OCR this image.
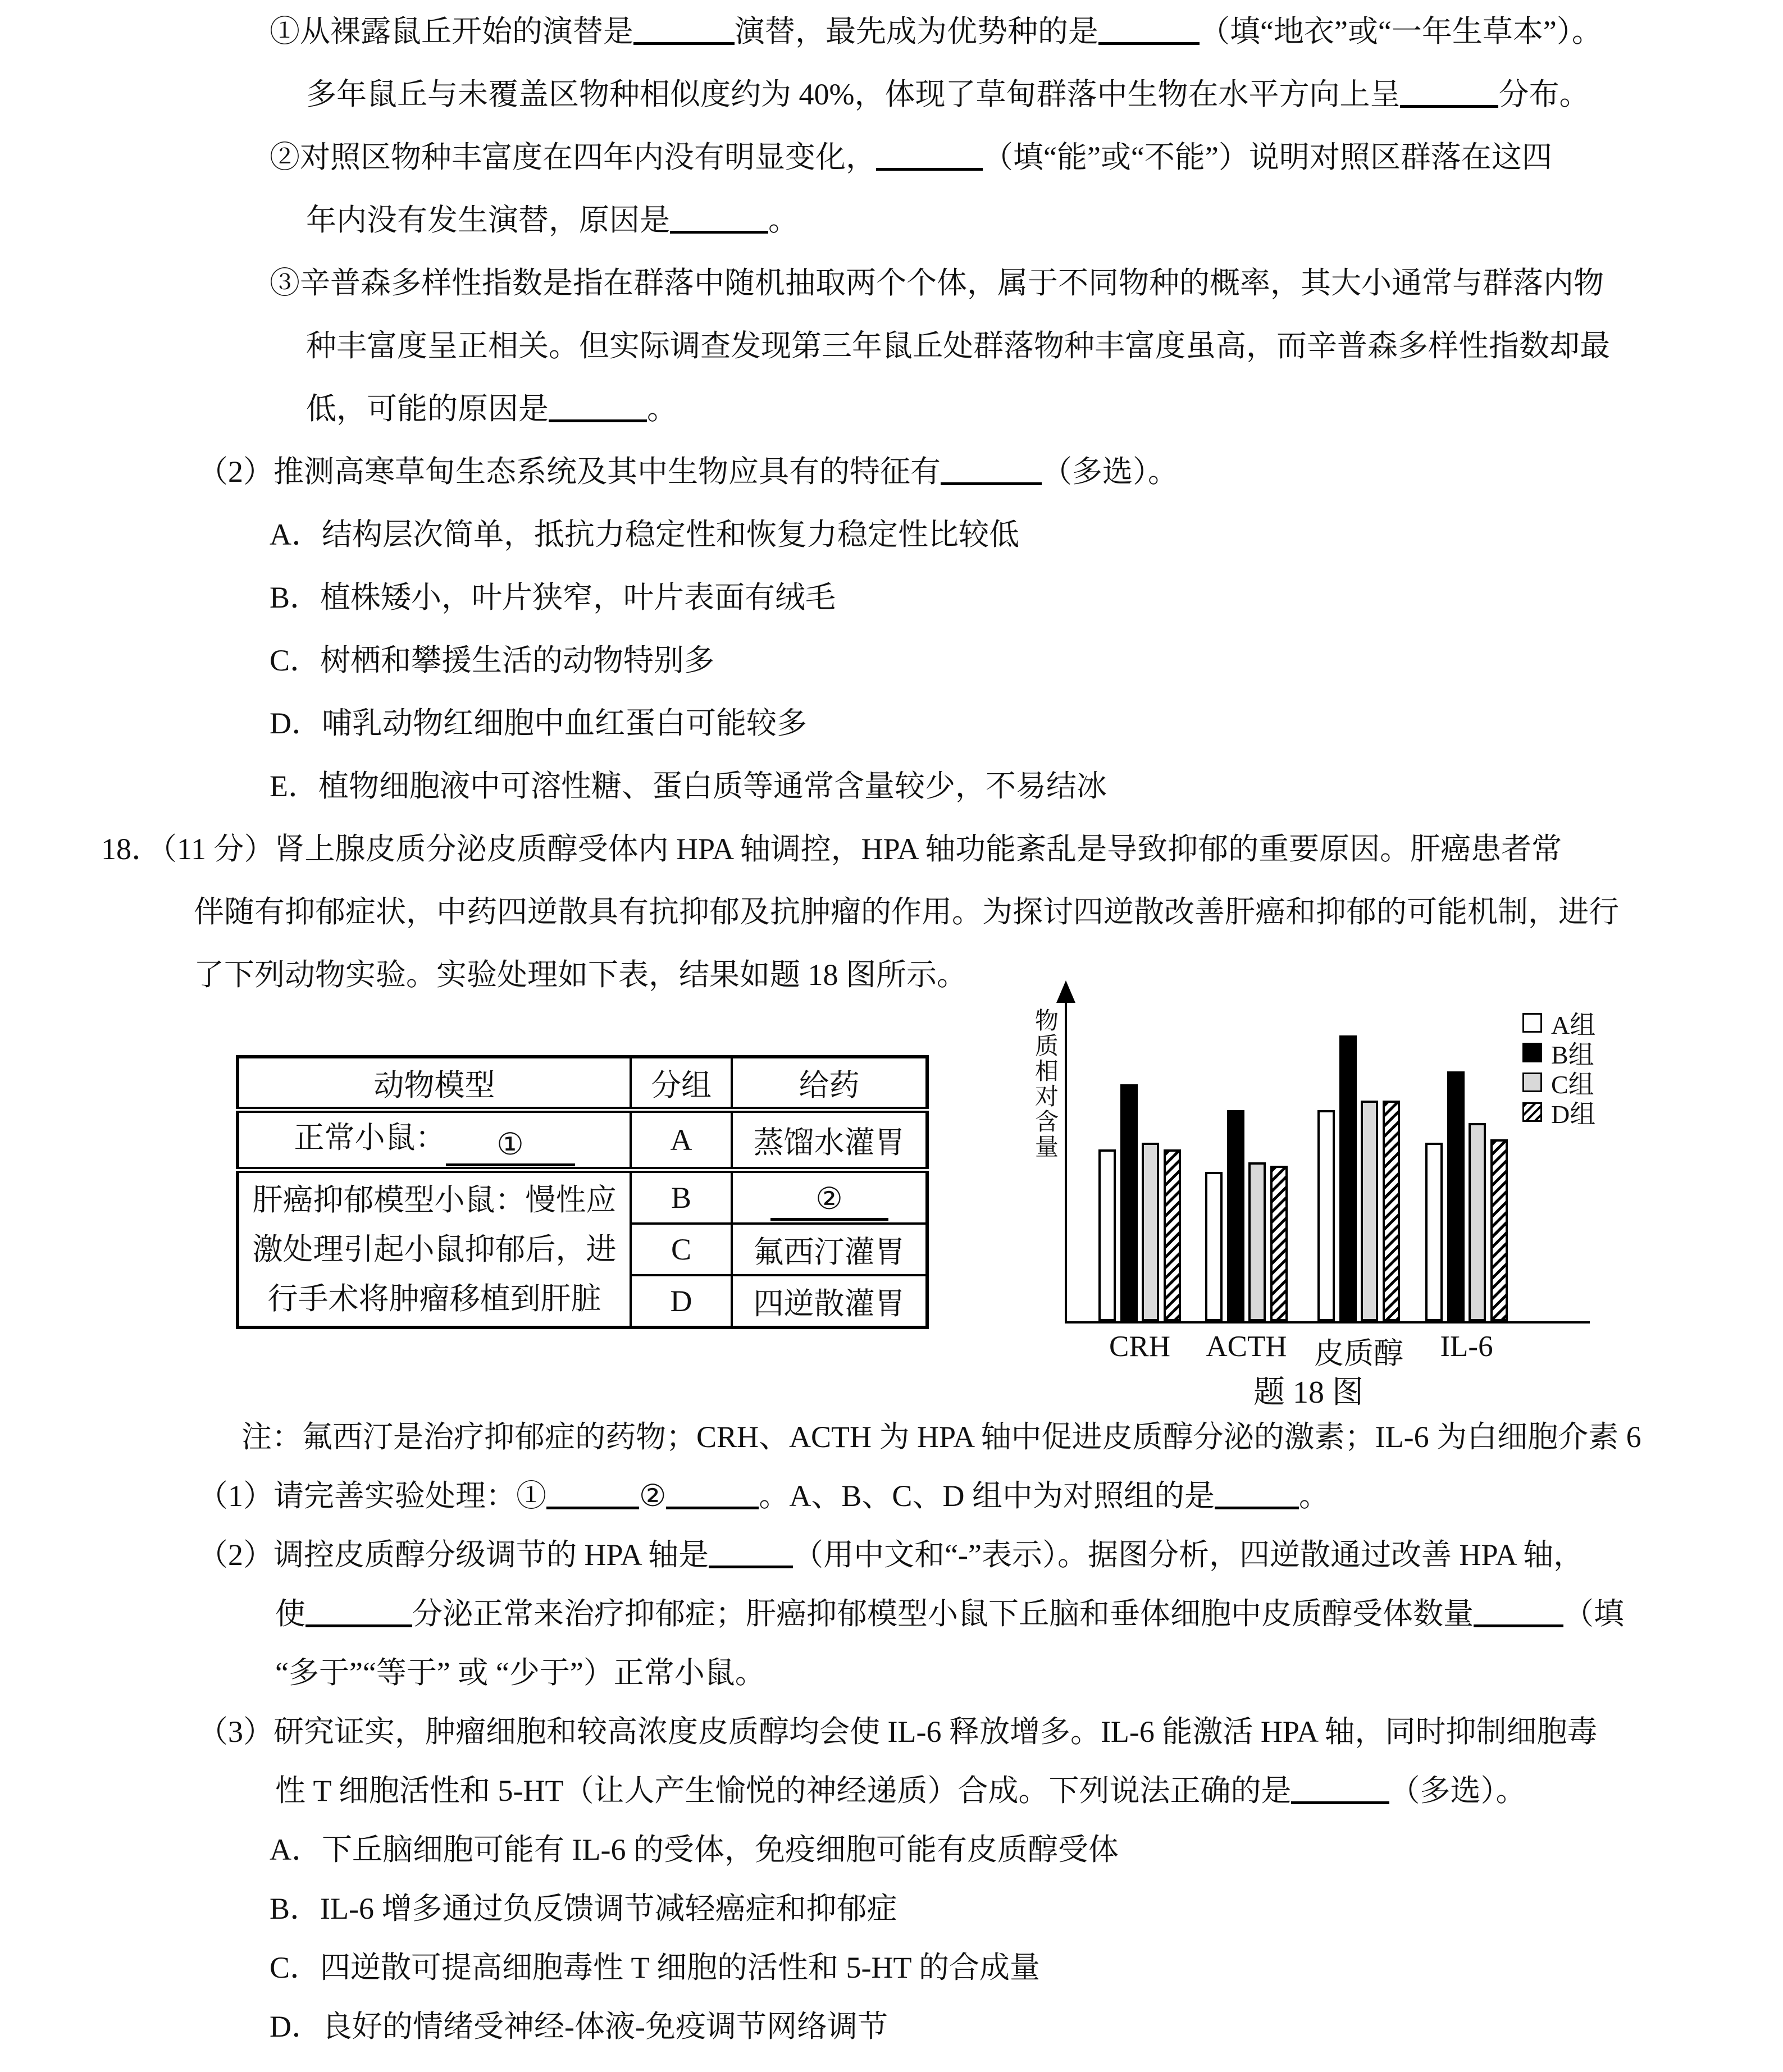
①从裸露鼠丘开始的演替是	演替，最先成为优势种的是	（填“地衣”或“一年生草本”）。
多年鼠丘与未覆盖区物种相似度约为 40%，体现了草甸群落中生物在水平方向上呈	分布。
②对照区物种丰富度在四年内没有明显变化，	（填“能”或“不能”）说明对照区群落在这四
年内没有发生演替，原因是	。
③辛普森多样性指数是指在群落中随机抽取两个个体，属于不同物种的概率，其大小通常与群落内物
种丰富度呈正相关。但实际调查发现第三年鼠丘处群落物种丰富度虽高，而辛普森多样性指数却最
低，可能的原因是	。
（2）推测高寒草甸生态系统及其中生物应具有的特征有	（多选）。
A．结构层次简单，抵抗力稳定性和恢复力稳定性比较低
B．植株矮小，叶片狭窄，叶片表面有绒毛
C．树栖和攀援生活的动物特别多
D．哺乳动物红细胞中血红蛋白可能较多
E．植物细胞液中可溶性糖、蛋白质等通常含量较少，不易结冰
18．（11 分）肾上腺皮质分泌皮质醇受体内 HPA 轴调控，HPA 轴功能紊乱是导致抑郁的重要原因。肝癌患者常
伴随有抑郁症状，中药四逆散具有抗抑郁及抗肿瘤的作用。为探讨四逆散改善肝癌和抑郁的可能机制，进行
了下列动物实验。实验处理如下表，结果如题 18 图所示。
动物模型	分组	给药
正常小鼠： ①	A	蒸馏水灌胃
肝癌抑郁模型小鼠：慢性应激处理引起小鼠抑郁后，进行手术将肿瘤移植到肝脏	B	②
	C	氟西汀灌胃
	D	四逆散灌胃
物质相对含量
CRH	ACTH 皮质醇	IL-6
A组
B组
C组
D组
题 18 图
注：氟西汀是治疗抑郁症的药物；CRH、ACTH 为 HPA 轴中促进皮质醇分泌的激素；IL-6 为白细胞介素 6
（1）请完善实验处理：①	②	。A、B、C、D 组中为对照组的是	。
（2）调控皮质醇分级调节的 HPA 轴是	（用中文和“-”表示）。据图分析，四逆散通过改善 HPA 轴，
使	分泌正常来治疗抑郁症；肝癌抑郁模型小鼠下丘脑和垂体细胞中皮质醇受体数量	（填
“多于”“等于” 或 “少于”）正常小鼠。
（3）研究证实，肿瘤细胞和较高浓度皮质醇均会使 IL-6 释放增多。IL-6 能激活 HPA 轴，同时抑制细胞毒
性 T 细胞活性和 5-HT（让人产生愉悦的神经递质）合成。下列说法正确的是	（多选）。
A．下丘脑细胞可能有 IL-6 的受体，免疫细胞可能有皮质醇受体
B．IL-6 增多通过负反馈调节减轻癌症和抑郁症
C．四逆散可提高细胞毒性 T 细胞的活性和 5-HT 的合成量
D．良好的情绪受神经-体液-免疫调节网络调节
